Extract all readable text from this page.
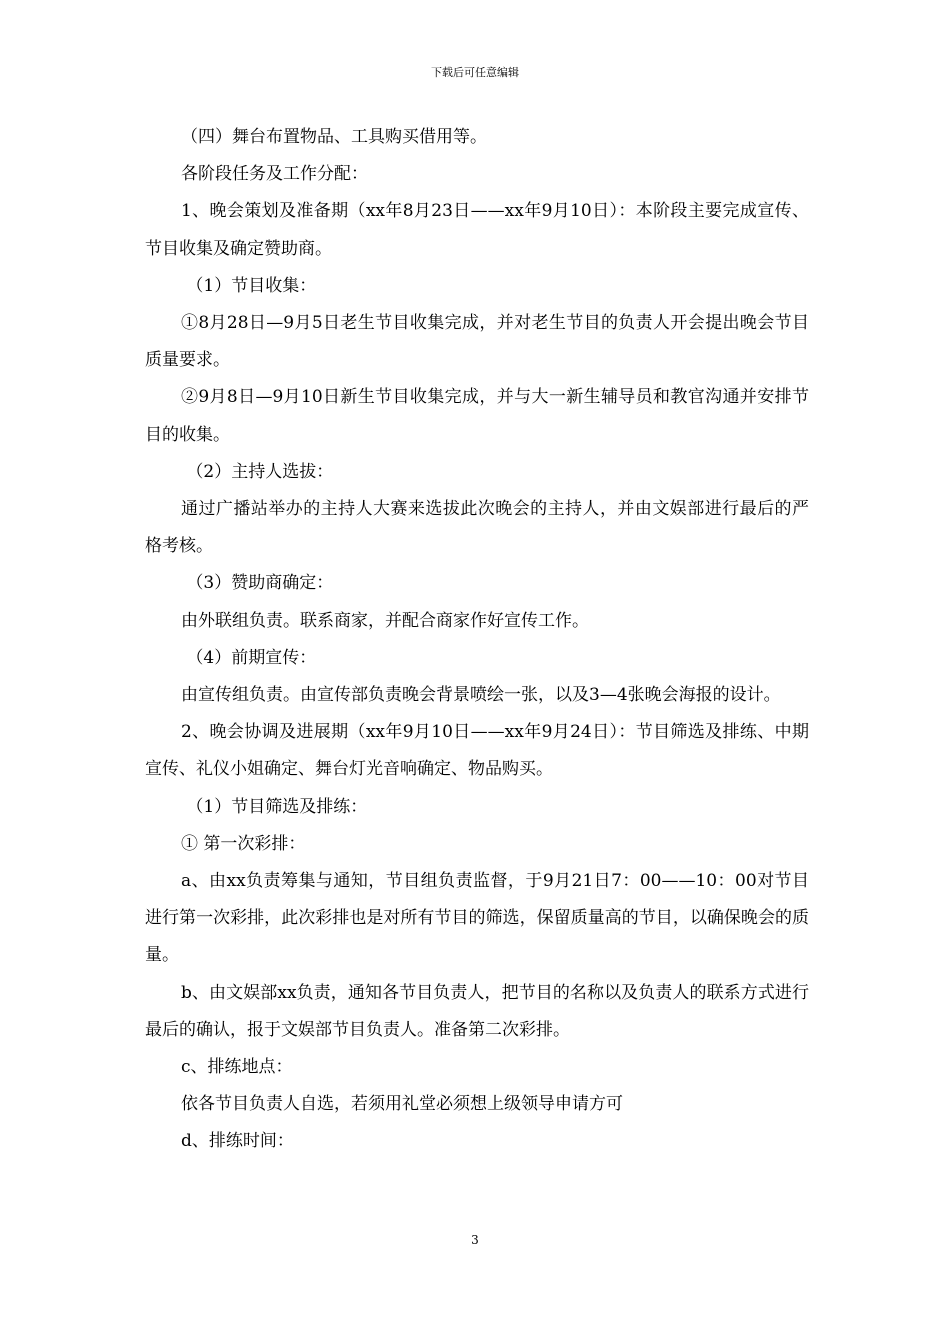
下载后可任意编辑

（四）舞台布置物品、工具购买借用等。

各阶段任务及工作分配：

1、晚会策划及准备期（xx年8月23日——xx年9月10日）：本阶段主要完成宣传、节目收集及确定赞助商。

（1）节目收集：

①8月28日—9月5日老生节目收集完成，并对老生节目的负责人开会提出晚会节目质量要求。

②9月8日—9月10日新生节目收集完成，并与大一新生辅导员和教官沟通并安排节目的收集。

（2）主持人选拔：

通过广播站举办的主持人大赛来选拔此次晚会的主持人，并由文娱部进行最后的严格考核。

（3）赞助商确定：

由外联组负责。联系商家，并配合商家作好宣传工作。

（4）前期宣传：

由宣传组负责。由宣传部负责晚会背景喷绘一张，以及3—4张晚会海报的设计。

2、晚会协调及进展期（xx年9月10日——xx年9月24日）：节目筛选及排练、中期宣传、礼仪小姐确定、舞台灯光音响确定、物品购买。

（1）节目筛选及排练：

① 第一次彩排：

a、由xx负责筹集与通知，节目组负责监督，于9月21日7：00——10：00对节目进行第一次彩排，此次彩排也是对所有节目的筛选，保留质量高的节目，以确保晚会的质量。

b、由文娱部xx负责，通知各节目负责人，把节目的名称以及负责人的联系方式进行最后的确认，报于文娱部节目负责人。准备第二次彩排。

c、排练地点：

依各节目负责人自选，若须用礼堂必须想上级领导申请方可

d、排练时间：

3
